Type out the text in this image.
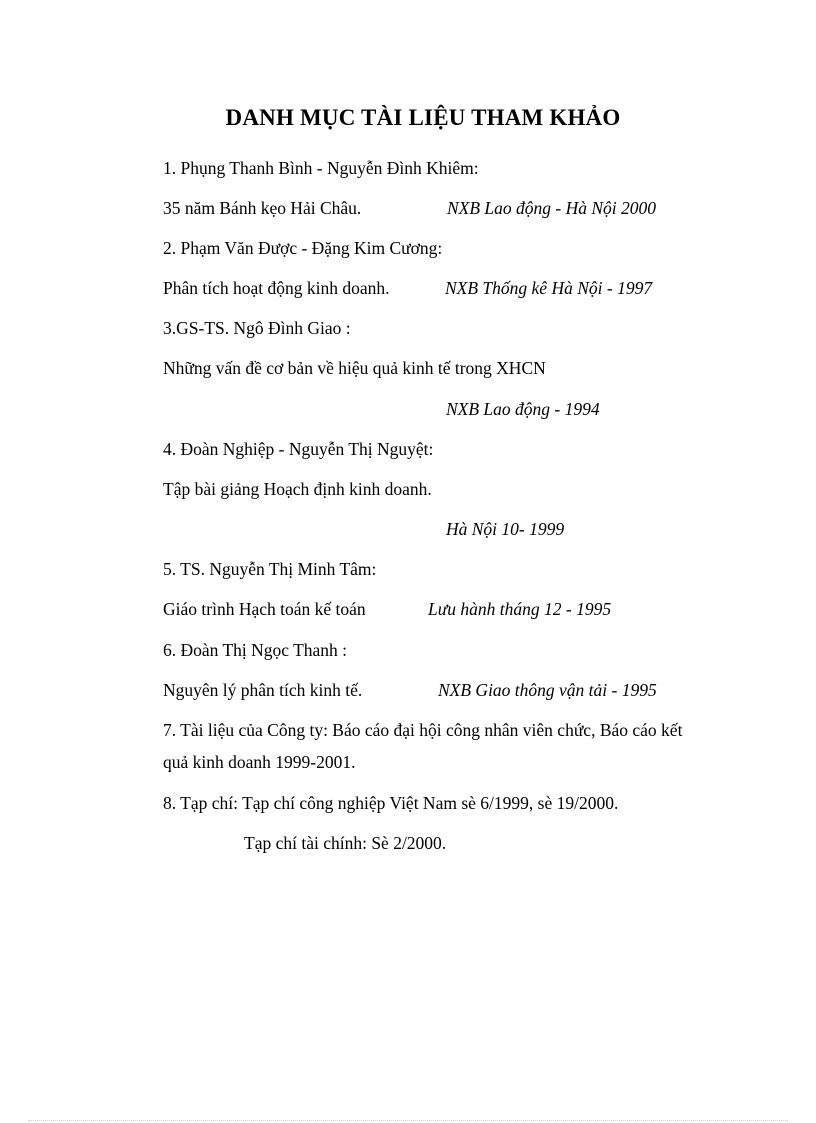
DANH MỤC TÀI LIỆU THAM KHẢO
1. Phụng Thanh Bình - Nguyễn Đình Khiêm:
35 năm Bánh kẹo Hải Châu.	NXB Lao động - Hà Nội 2000
2. Phạm Văn Được - Đặng Kim Cương:
Phân tích hoạt động kinh doanh.	NXB Thống kê Hà Nội - 1997
3.GS-TS. Ngô Đình Giao :
Những vấn đề cơ bản về hiệu quả kinh tế trong XHCN
NXB Lao động - 1994
4. Đoàn Nghiệp - Nguyễn Thị Nguyệt:
Tập bài giảng Hoạch định kinh doanh.
Hà Nội 10- 1999
5. TS. Nguyễn Thị Minh Tâm:
Giáo trình Hạch toán kế toán	Lưu hành tháng 12 - 1995
6. Đoàn Thị Ngọc Thanh :
Nguyên lý phân tích kinh tế.	NXB Giao thông vận tải - 1995
7. Tài liệu của Công ty: Báo cáo đại hội công nhân viên chức, Báo cáo kết
quả kinh doanh 1999-2001.
8. Tạp chí: Tạp chí công nghiệp Việt Nam sè 6/1999, sè 19/2000.
Tạp chí tài chính: Sè 2/2000.
